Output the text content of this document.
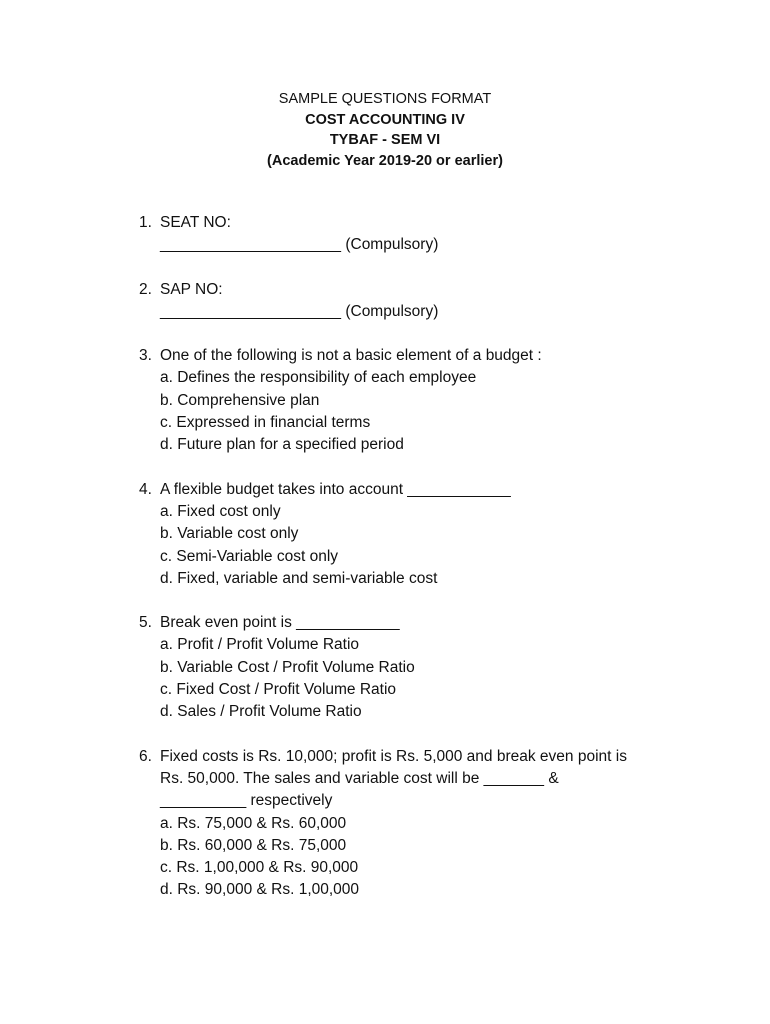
SAMPLE QUESTIONS FORMAT
COST ACCOUNTING IV
TYBAF - SEM VI
(Academic Year 2019-20 or earlier)
1. SEAT NO:
_____________________ (Compulsory)
2. SAP NO:
_____________________ (Compulsory)
3. One of the following is not a basic element of a budget :
a. Defines the responsibility of each employee
b. Comprehensive plan
c. Expressed in financial terms
d. Future plan for a specified period
4. A flexible budget takes into account ____________
a. Fixed cost only
b. Variable cost only
c. Semi-Variable cost only
d. Fixed, variable and semi-variable cost
5. Break even point is ____________
a. Profit / Profit Volume Ratio
b. Variable Cost / Profit Volume Ratio
c. Fixed Cost / Profit Volume Ratio
d. Sales / Profit Volume Ratio
6. Fixed costs is Rs. 10,000; profit is Rs. 5,000 and break even point is
Rs. 50,000. The sales and variable cost will be _______ &
__________ respectively
a. Rs. 75,000 & Rs. 60,000
b. Rs. 60,000 & Rs. 75,000
c. Rs. 1,00,000 & Rs. 90,000
d. Rs. 90,000 & Rs. 1,00,000
